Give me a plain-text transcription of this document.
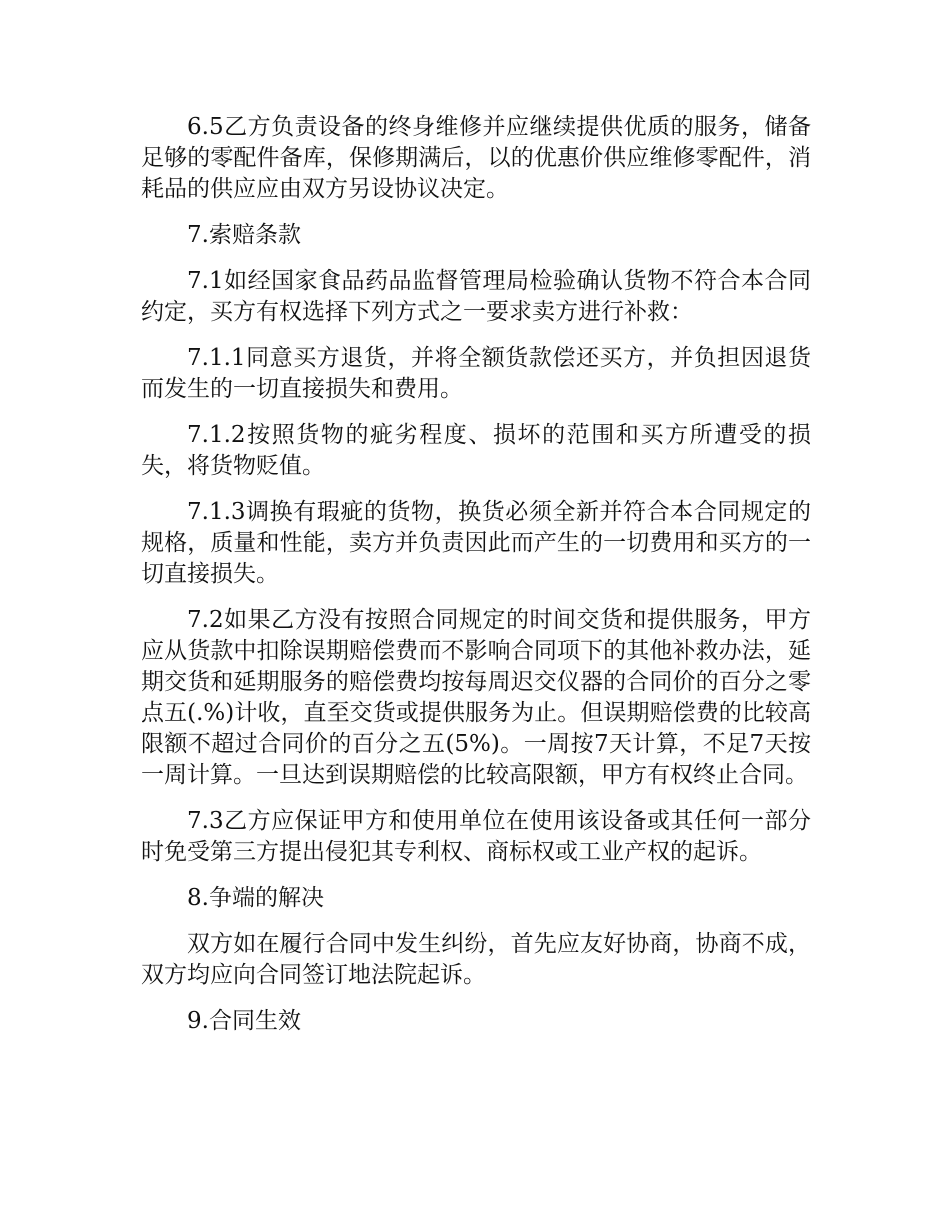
6.5乙方负责设备的终身维修并应继续提供优质的服务，储备足够的零配件备库，保修期满后，以的优惠价供应维修零配件，消耗品的供应应由双方另设协议决定。

7.索赔条款

7.1如经国家食品药品监督管理局检验确认货物不符合本合同约定，买方有权选择下列方式之一要求卖方进行补救：

7.1.1同意买方退货，并将全额货款偿还买方，并负担因退货而发生的一切直接损失和费用。

7.1.2按照货物的疵劣程度、损坏的范围和买方所遭受的损失，将货物贬值。

7.1.3调换有瑕疵的货物，换货必须全新并符合本合同规定的规格，质量和性能，卖方并负责因此而产生的一切费用和买方的一切直接损失。

7.2如果乙方没有按照合同规定的时间交货和提供服务，甲方应从货款中扣除误期赔偿费而不影响合同项下的其他补救办法，延期交货和延期服务的赔偿费均按每周迟交仪器的合同价的百分之零点五(.%)计收，直至交货或提供服务为止。但误期赔偿费的比较高限额不超过合同价的百分之五(5%)。一周按7天计算，不足7天按一周计算。一旦达到误期赔偿的比较高限额，甲方有权终止合同。

7.3乙方应保证甲方和使用单位在使用该设备或其任何一部分时免受第三方提出侵犯其专利权、商标权或工业产权的起诉。

8.争端的解决

双方如在履行合同中发生纠纷，首先应友好协商，协商不成，双方均应向合同签订地法院起诉。

9.合同生效
